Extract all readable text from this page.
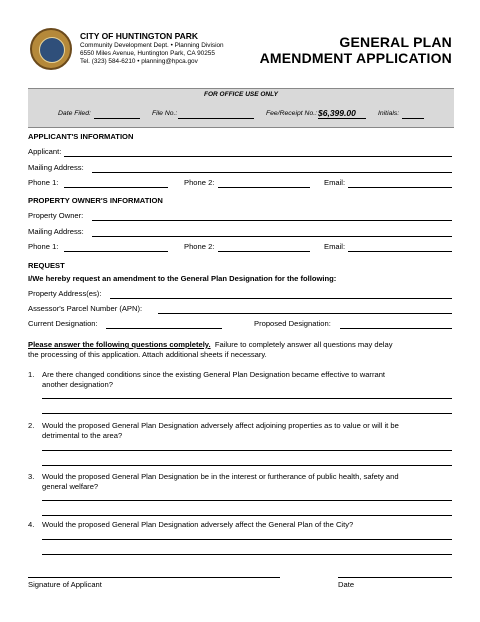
CITY OF HUNTINGTON PARK
Community Development Dept. • Planning Division
6550 Miles Avenue, Huntington Park, CA 90255
Tel. (323) 584-6210 • planning@hpca.gov
GENERAL PLAN
AMENDMENT APPLICATION
FOR OFFICE USE ONLY
Date Filed:	File No.:	Fee/Receipt No.: $6,399.00	Initials:
APPLICANT'S INFORMATION
Applicant:
Mailing Address:
Phone 1:	Phone 2:	Email:
PROPERTY OWNER'S INFORMATION
Property Owner:
Mailing Address:
Phone 1:	Phone 2:	Email:
REQUEST
I/We hereby request an amendment to the General Plan Designation for the following:
Property Address(es):
Assessor's Parcel Number (APN):
Current Designation:	Proposed Designation:
Please answer the following questions completely. Failure to completely answer all questions may delay
the processing of this application. Attach additional sheets if necessary.
1. Are there changed conditions since the existing General Plan Designation became effective to warrant
another designation?
2. Would the proposed General Plan Designation adversely affect adjoining properties as to value or will it be
detrimental to the area?
3. Would the proposed General Plan Designation be in the interest or furtherance of public health, safety and
general welfare?
4. Would the proposed General Plan Designation adversely affect the General Plan of the City?
Signature of Applicant	Date
